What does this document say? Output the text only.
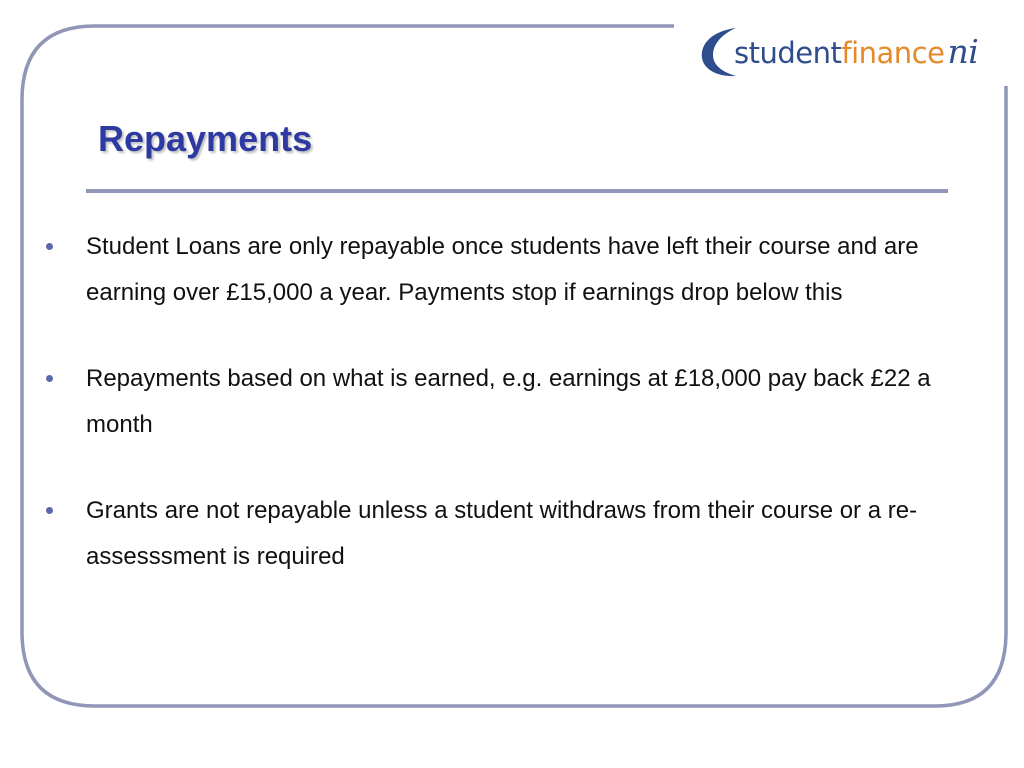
studentfinanceni
Repayments
Student Loans are only repayable once students have left their course and are earning over £15,000 a year. Payments stop if earnings drop below this
Repayments based on what is earned, e.g. earnings at £18,000 pay back £22 a month
Grants are not repayable unless a student withdraws from their course or a re-assesssment is required
